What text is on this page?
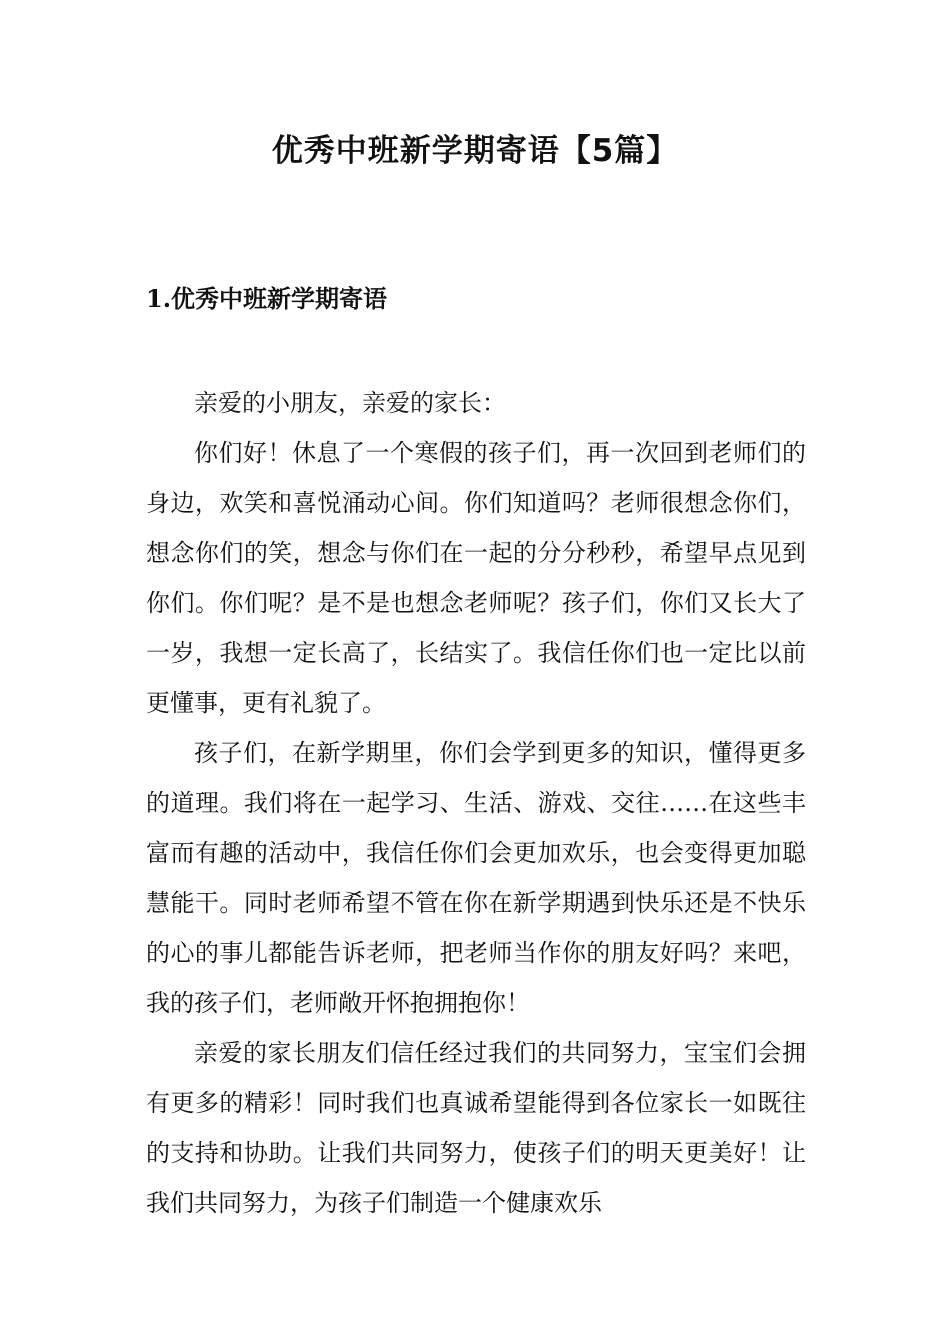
优秀中班新学期寄语【5篇】
1.优秀中班新学期寄语

亲爱的小朋友，亲爱的家长：

你们好！休息了一个寒假的孩子们，再一次回到老师们的身边，欢笑和喜悦涌动心间。你们知道吗？老师很想念你们，想念你们的笑，想念与你们在一起的分分秒秒，希望早点见到你们。你们呢？是不是也想念老师呢？孩子们，你们又长大了一岁，我想一定长高了，长结实了。我信任你们也一定比以前更懂事，更有礼貌了。

孩子们，在新学期里，你们会学到更多的知识，懂得更多的道理。我们将在一起学习、生活、游戏、交往……在这些丰富而有趣的活动中，我信任你们会更加欢乐，也会变得更加聪慧能干。同时老师希望不管在你在新学期遇到快乐还是不快乐的心的事儿都能告诉老师，把老师当作你的朋友好吗？来吧，我的孩子们，老师敞开怀抱拥抱你！

亲爱的家长朋友们信任经过我们的共同努力，宝宝们会拥有更多的精彩！同时我们也真诚希望能得到各位家长一如既往的支持和协助。让我们共同努力，使孩子们的明天更美好！让我们共同努力，为孩子们制造一个健康欢乐
